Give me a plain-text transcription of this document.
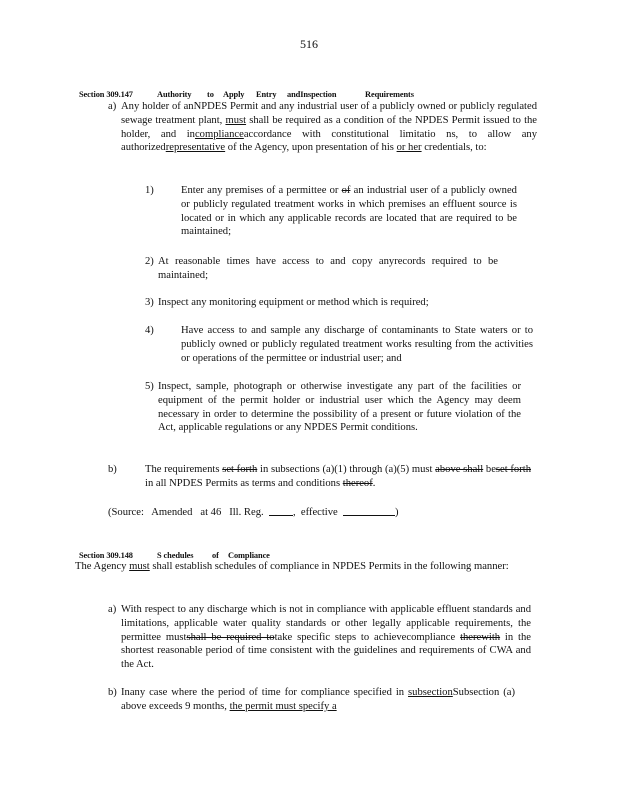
516

Section 309.147	Authority to Apply Entry andInspection	Requirements

a) Any holder of anNPDES Permit and any industrial user of a publicly owned or publicly regulated sewage treatment plant, must shall be required as a condition of the NPDES Permit issued to the holder, and incomplianceaccordance with constitutional limitatio ns, to allow any authorizedrepresentative of the Agency, upon presentation of his or her credentials, to:
1)	Enter any premises of a permittee or of an industrial user of a publicly owned or publicly regulated treatment works in which premises an effluent source is located or in which any applicable records are located that are required to be maintained;
2) At reasonable times have access to and copy anyrecords required to be maintained;
3) Inspect any monitoring equipment or method which is required;
4)	Have access to and sample any discharge of contaminants to State waters or to publicly owned or publicly regulated treatment works resulting from the activities or operations of the permittee or industrial user; and
5) Inspect, sample, photograph or otherwise investigate any part of the facilities or equipment of the permit holder or industrial user which the Agency may deem necessary in order to determine the possibility of a present or future violation of the Act, applicable regulations or any NPDES Permit conditions.
b)	The requirements set forth in subsections (a)(1) through (a)(5) must above shall beset forth in all NPDES Permits as terms and conditions thereof.
(Source:   Amended   at 46   Ill. Reg.  ,  effective	)

Section 309.148	S chedules of Compliance

The Agency must shall establish schedules of compliance in NPDES Permits in the following manner:
a) With respect to any discharge which is not in compliance with applicable effluent standards and limitations, applicable water quality standards or other legally applicable requirements, the permittee mustshall be required totake specific steps to achievecompliance therewith in the shortest reasonable period of time consistent with the guidelines and requirements of CWA and the Act.
b) Inany case where the period of time for compliance specified in subsectionSubsection (a) above exceeds 9 months, the permit must specify a
